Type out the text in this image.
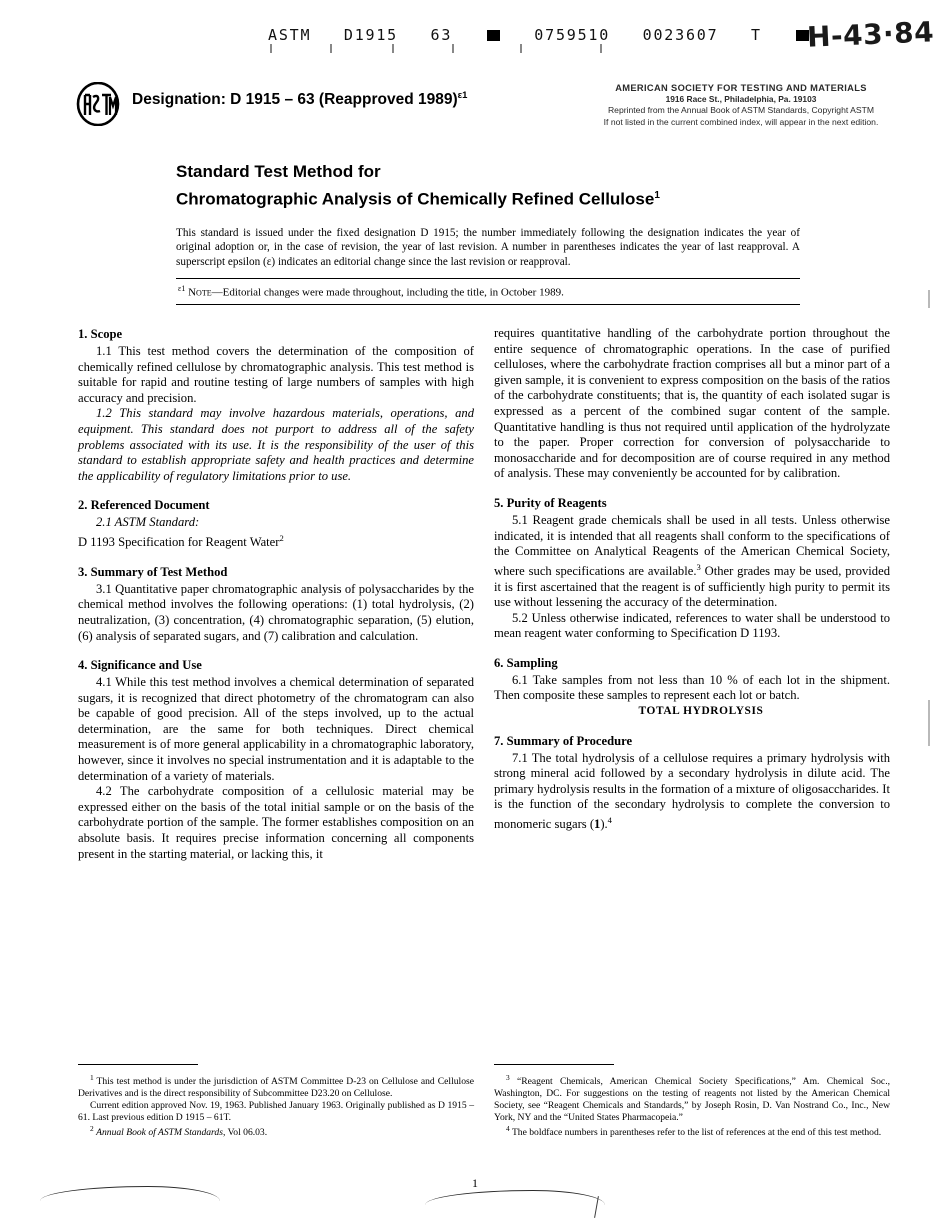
ASTM D1915 63	0759510 0023607 T	H-43·84
Designation: D 1915 – 63 (Reapproved 1989)$^{\varepsilon 1}$
AMERICAN SOCIETY FOR TESTING AND MATERIALS
1916 Race St., Philadelphia, Pa. 19103
Reprinted from the Annual Book of ASTM Standards, Copyright ASTM
If not listed in the current combined index, will appear in the next edition.
Standard Test Method for
Chromatographic Analysis of Chemically Refined Cellulose$^1$
This standard is issued under the fixed designation D 1915; the number immediately following the designation indicates the year of original adoption or, in the case of revision, the year of last revision. A number in parentheses indicates the year of last reapproval. A superscript epsilon (ε) indicates an editorial change since the last revision or reapproval.
$^{\varepsilon 1}$ Note—Editorial changes were made throughout, including the title, in October 1989.
1. Scope

1.1 This test method covers the determination of the composition of chemically refined cellulose by chromatographic analysis. This test method is suitable for rapid and routine testing of large numbers of samples with high accuracy and precision.

1.2 This standard may involve hazardous materials, operations, and equipment. This standard does not purport to address all of the safety problems associated with its use. It is the responsibility of the user of this standard to establish appropriate safety and health practices and determine the applicability of regulatory limitations prior to use.

2. Referenced Document

2.1 ASTM Standard:

D 1193 Specification for Reagent Water$^2$

3. Summary of Test Method

3.1 Quantitative paper chromatographic analysis of polysaccharides by the chemical method involves the following operations: (1) total hydrolysis, (2) neutralization, (3) concentration, (4) chromatographic separation, (5) elution, (6) analysis of separated sugars, and (7) calibration and calculation.

4. Significance and Use

4.1 While this test method involves a chemical determination of separated sugars, it is recognized that direct photometry of the chromatogram can also be capable of good precision. All of the steps involved, up to the actual determination, are the same for both techniques. Direct chemical measurement is of more general applicability in a chromatographic laboratory, however, since it involves no special instrumentation and it is adaptable to the determination of a variety of materials.

4.2 The carbohydrate composition of a cellulosic material may be expressed either on the basis of the total initial sample or on the basis of the carbohydrate portion of the sample. The former establishes composition on an absolute basis. It requires precise information concerning all components present in the starting material, or lacking this, it

requires quantitative handling of the carbohydrate portion throughout the entire sequence of chromatographic operations. In the case of purified celluloses, where the carbohydrate fraction comprises all but a minor part of a given sample, it is convenient to express composition on the basis of the ratios of the carbohydrate constituents; that is, the quantity of each isolated sugar is expressed as a percent of the combined sugar content of the sample. Quantitative handling is thus not required until application of the hydrolyzate to the paper. Proper correction for conversion of polysaccharide to monosaccharide and for decomposition are of course required in any method of analysis. These may conveniently be accounted for by calibration.

5. Purity of Reagents

5.1 Reagent grade chemicals shall be used in all tests. Unless otherwise indicated, it is intended that all reagents shall conform to the specifications of the Committee on Analytical Reagents of the American Chemical Society, where such specifications are available.$^3$ Other grades may be used, provided it is first ascertained that the reagent is of sufficiently high purity to permit its use without lessening the accuracy of the determination.

5.2 Unless otherwise indicated, references to water shall be understood to mean reagent water conforming to Specification D 1193.

6. Sampling

6.1 Take samples from not less than 10 % of each lot in the shipment. Then composite these samples to represent each lot or batch.

TOTAL HYDROLYSIS

7. Summary of Procedure

7.1 The total hydrolysis of a cellulose requires a primary hydrolysis with strong mineral acid followed by a secondary hydrolysis in dilute acid. The primary hydrolysis results in the formation of a mixture of oligosaccharides. It is the function of the secondary hydrolysis to complete the conversion to monomeric sugars (1).$^4$

$^1$ This test method is under the jurisdiction of ASTM Committee D-23 on Cellulose and Cellulose Derivatives and is the direct responsibility of Subcommittee D23.20 on Cellulose.

Current edition approved Nov. 19, 1963. Published January 1963. Originally published as D 1915 – 61. Last previous edition D 1915 – 61T.

$^2$ Annual Book of ASTM Standards, Vol 06.03.

$^3$ “Reagent Chemicals, American Chemical Society Specifications,” Am. Chemical Soc., Washington, DC. For suggestions on the testing of reagents not listed by the American Chemical Society, see “Reagent Chemicals and Standards,” by Joseph Rosin, D. Van Nostrand Co., Inc., New York, NY and the “United States Pharmacopeia.”

$^4$ The boldface numbers in parentheses refer to the list of references at the end of this test method.

1
